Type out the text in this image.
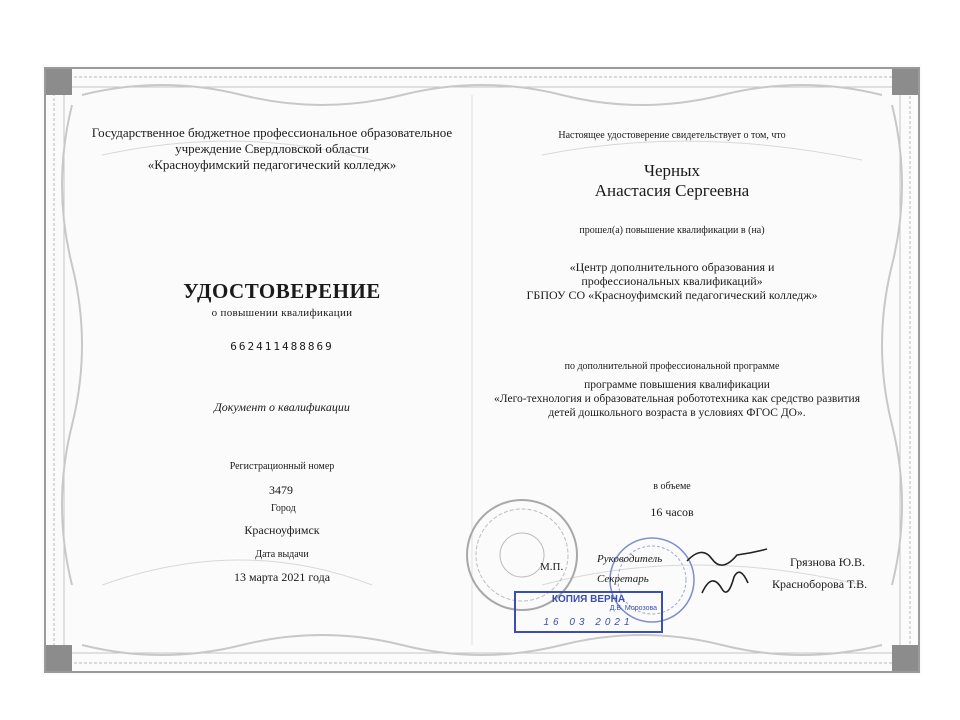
Государственное бюджетное профессиональное образовательное
учреждение Свердловской области
«Красноуфимский педагогический колледж»
УДОСТОВЕРЕНИЕ
о повышении квалификации
662411488869
Документ о квалификации
Регистрационный номер
3479
Город
Красноуфимск
Дата выдачи
13 марта 2021 года
Настоящее удостоверение свидетельствует о том, что
Черных
Анастасия Сергеевна
прошел(а) повышение квалификации в (на)
«Центр дополнительного образования и
профессиональных квалификаций»
ГБПОУ СО «Красноуфимский педагогический колледж»
по дополнительной профессиональной программе
программе повышения квалификации
«Лего-технология и образовательная робототехника как средство развития
детей дошкольного возраста в условиях ФГОС ДО».
в объеме
16 часов
М.П.
Руководитель
Секретарь
Грязнова Ю.В.
Красноборова Т.В.
КОПИЯ ВЕРНА
Д.В. Морозова
16 03 2021
